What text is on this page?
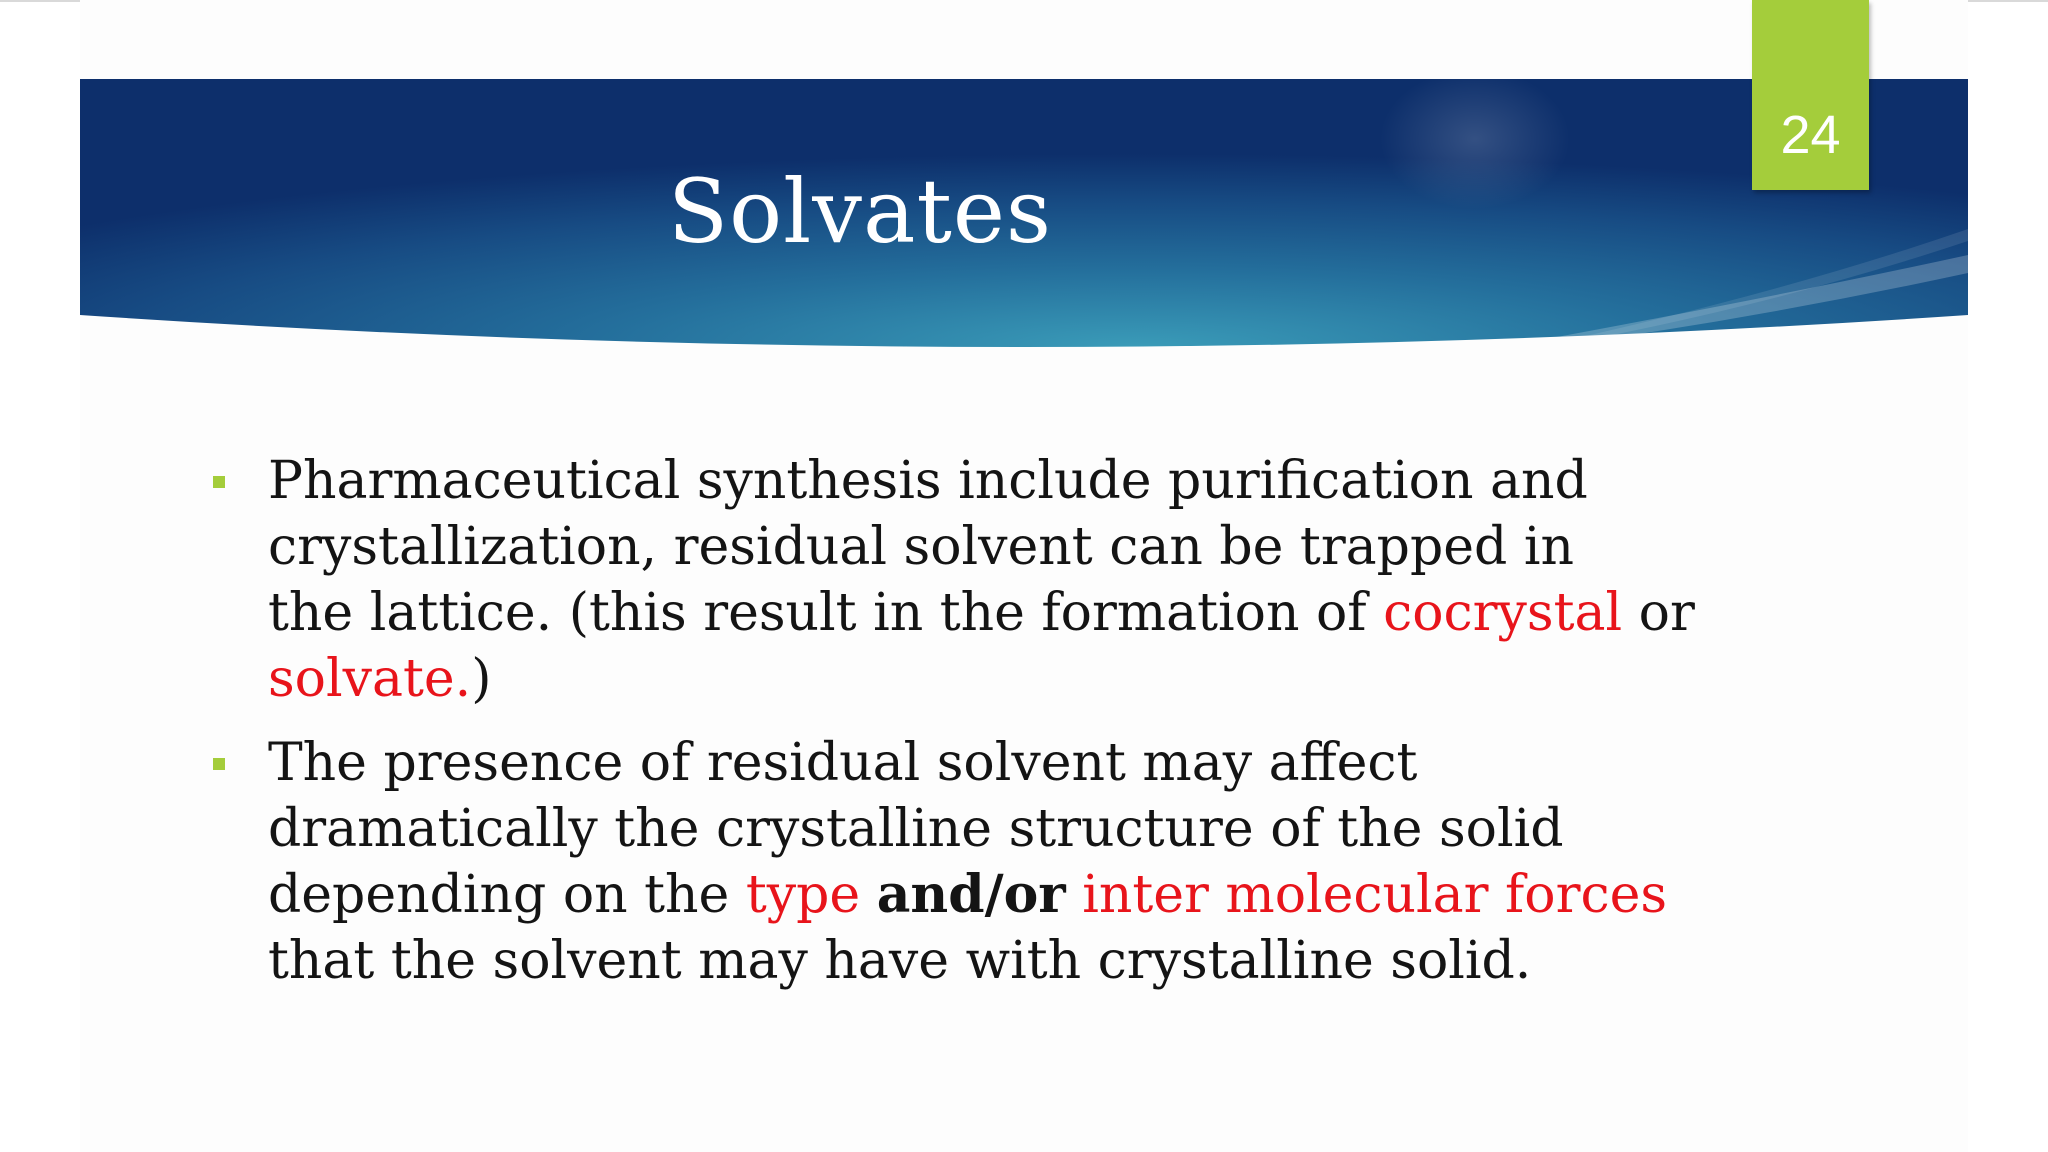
Solvates
24
Pharmaceutical synthesis include purification and
crystallization, residual solvent can be trapped in
the lattice. (this result in the formation of cocrystal or
solvate.)
The presence of residual solvent may affect
dramatically the crystalline structure of the solid
depending on the type and/or inter molecular forces
that the solvent may have with crystalline solid.
